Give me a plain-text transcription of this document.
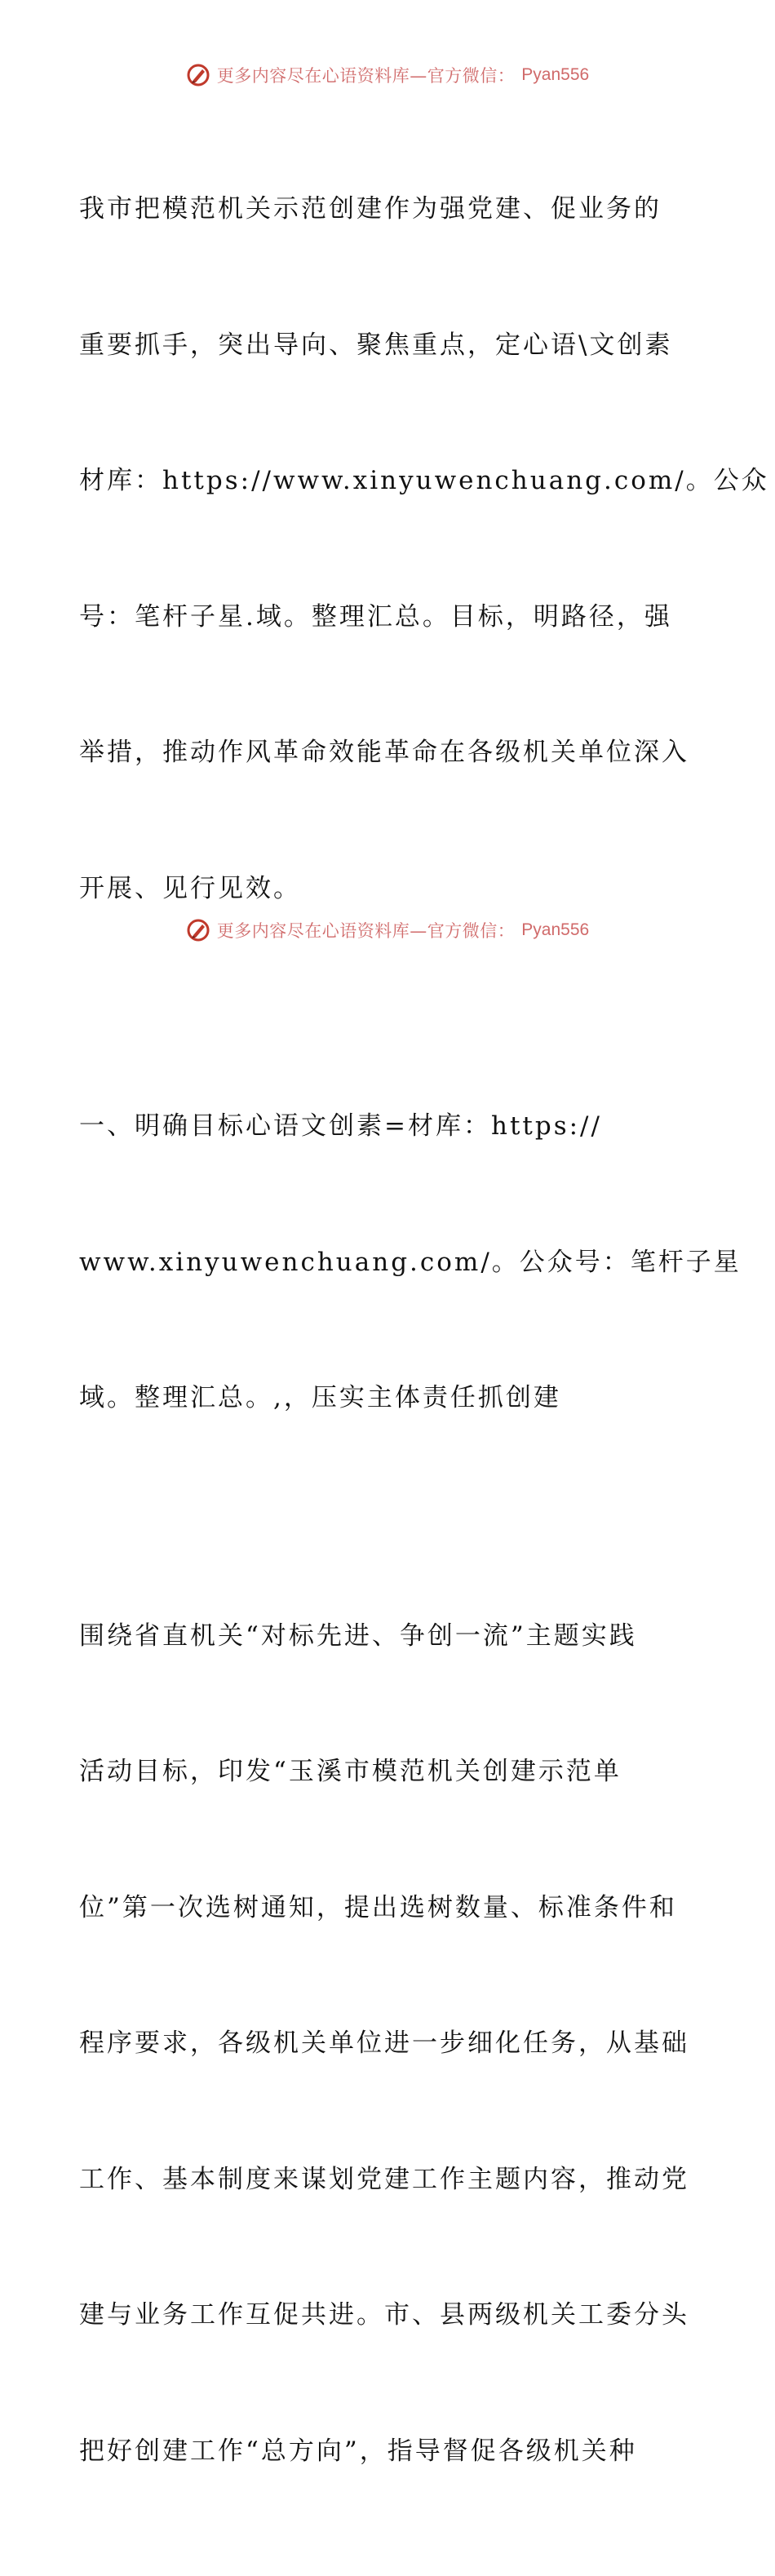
更多内容尽在心语资料库—官方微信： Pyan556

我市把模范机关示范创建作为强党建、促业务的

重要抓手，突出导向、聚焦重点，定心语\文创素

材库：https://www.xinyuwenchuang.com/。公众

号：笔杆子星.域。整理汇总。目标，明路径，强

举措，推动作风革命效能革命在各级机关单位深入

开展、见行见效。

一、明确目标心语文创素=材库：https://

www.xinyuwenchuang.com/。公众号：笔杆子星

域。整理汇总。,，压实主体责任抓创建

围绕省直机关“对标先进、争创一流”主题实践

活动目标，印发“玉溪市模范机关创建示范单

位”第一次选树通知，提出选树数量、标准条件和

程序要求，各级机关单位进一步细化任务，从基础

工作、基本制度来谋划党建工作主题内容，推动党

建与业务工作互促共进。市、县两级机关工委分头

把好创建工作“总方向”，指导督促各级机关种

更多内容尽在心语资料库—官方微信： Pyan556
